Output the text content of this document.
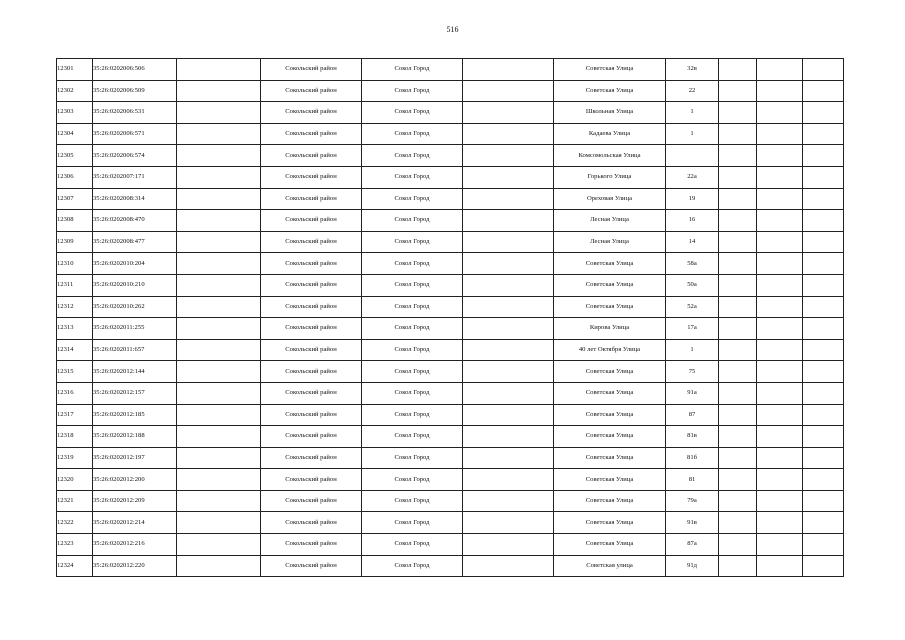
516
12301	35:26:0202006:506		Сокольский район	Сокол Город		Советская Улица	32в			
12302	35:26:0202006:509		Сокольский район	Сокол Город		Советская Улица	22			
12303	35:26:0202006:531		Сокольский район	Сокол Город		Школьная Улица	1			
12304	35:26:0202006:571		Сокольский район	Сокол Город		Кадаева Улица	1			
12305	35:26:0202006:574		Сокольский район	Сокол Город		Комсомольская Улица				
12306	35:26:0202007:171		Сокольский район	Сокол Город		Горького Улица	22а			
12307	35:26:0202008:314		Сокольский район	Сокол Город		Ореховая Улица	19			
12308	35:26:0202008:470		Сокольский район	Сокол Город		Лесная Улица	16			
12309	35:26:0202008:477		Сокольский район	Сокол Город		Лесная Улица	14			
12310	35:26:0202010:204		Сокольский район	Сокол Город		Советская Улица	58а			
12311	35:26:0202010:210		Сокольский район	Сокол Город		Советская Улица	50а			
12312	35:26:0202010:262		Сокольский район	Сокол Город		Советская Улица	52а			
12313	35:26:0202011:255		Сокольский район	Сокол Город		Кирова Улица	17а			
12314	35:26:0202011:657		Сокольский район	Сокол Город		40 лет Октября Улица	1			
12315	35:26:0202012:144		Сокольский район	Сокол Город		Советская Улица	75			
12316	35:26:0202012:157		Сокольский район	Сокол Город		Советская Улица	91а			
12317	35:26:0202012:185		Сокольский район	Сокол Город		Советская Улица	87			
12318	35:26:0202012:188		Сокольский район	Сокол Город		Советская Улица	81в			
12319	35:26:0202012:197		Сокольский район	Сокол Город		Советская Улица	81б			
12320	35:26:0202012:200		Сокольский район	Сокол Город		Советская Улица	81			
12321	35:26:0202012:209		Сокольский район	Сокол Город		Советская Улица	79а			
12322	35:26:0202012:214		Сокольский район	Сокол Город		Советская Улица	91в			
12323	35:26:0202012:216		Сокольский район	Сокол Город		Советская Улица	87а			
12324	35:26:0202012:220		Сокольский район	Сокол Город		Советская улица	91д			
